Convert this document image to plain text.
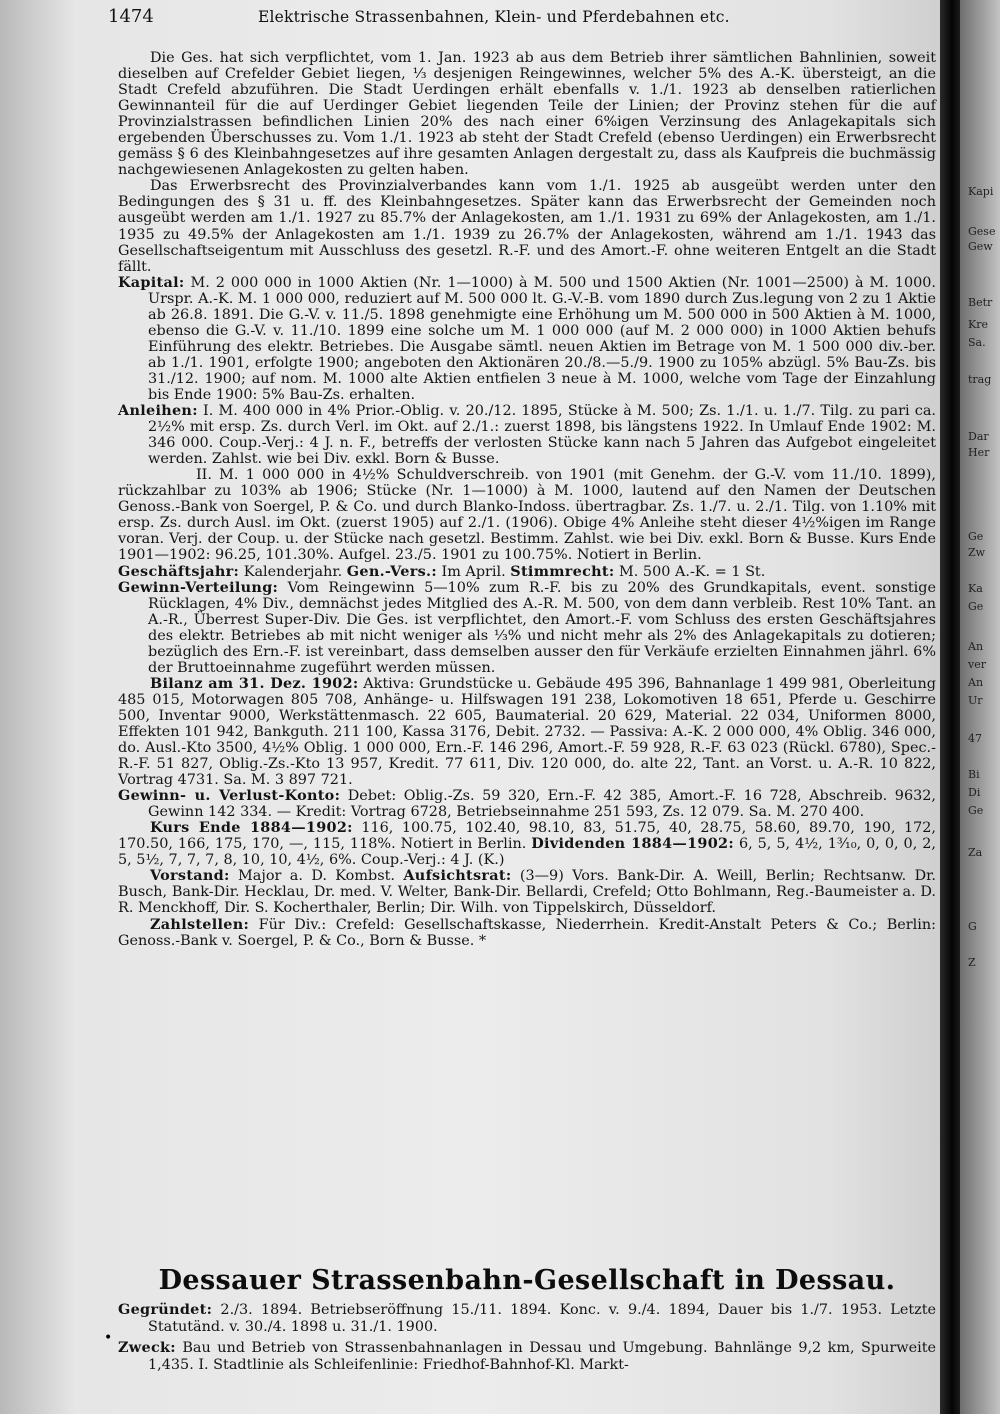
1474	Elektrische Strassenbahnen, Klein- und Pferdebahnen etc.

Die Ges. hat sich verpflichtet, vom 1. Jan. 1923 ab aus dem Betrieb ihrer sämtlichen Bahnlinien, soweit dieselben auf Crefelder Gebiet liegen, ⅓ desjenigen Reingewinnes, welcher 5% des A.-K. übersteigt, an die Stadt Crefeld abzuführen. Die Stadt Uerdingen erhält ebenfalls v. 1./1. 1923 ab denselben ratierlichen Gewinnanteil für die auf Uerdinger Gebiet liegenden Teile der Linien; der Provinz stehen für die auf Provinzialstrassen befindlichen Linien 20% des nach einer 6%igen Verzinsung des Anlagekapitals sich ergebenden Überschusses zu. Vom 1./1. 1923 ab steht der Stadt Crefeld (ebenso Uerdingen) ein Erwerbsrecht gemäss § 6 des Kleinbahngesetzes auf ihre gesamten Anlagen dergestalt zu, dass als Kaufpreis die buchmässig nachgewiesenen Anlagekosten zu gelten haben.

Das Erwerbsrecht des Provinzialverbandes kann vom 1./1. 1925 ab ausgeübt werden unter den Bedingungen des § 31 u. ff. des Kleinbahngesetzes. Später kann das Erwerbsrecht der Gemeinden noch ausgeübt werden am 1./1. 1927 zu 85.7% der Anlagekosten, am 1./1. 1931 zu 69% der Anlagekosten, am 1./1. 1935 zu 49.5% der Anlagekosten am 1./1. 1939 zu 26.7% der Anlagekosten, während am 1./1. 1943 das Gesellschaftseigentum mit Ausschluss des gesetzl. R.-F. und des Amort.-F. ohne weiteren Entgelt an die Stadt fällt.

Kapital: M. 2 000 000 in 1000 Aktien (Nr. 1—1000) à M. 500 und 1500 Aktien (Nr. 1001—2500) à M. 1000. Urspr. A.-K. M. 1 000 000, reduziert auf M. 500 000 lt. G.-V.-B. vom 1890 durch Zus.legung von 2 zu 1 Aktie ab 26.8. 1891. Die G.-V. v. 11./5. 1898 genehmigte eine Erhöhung um M. 500 000 in 500 Aktien à M. 1000, ebenso die G.-V. v. 11./10. 1899 eine solche um M. 1 000 000 (auf M. 2 000 000) in 1000 Aktien behufs Einführung des elektr. Betriebes. Die Ausgabe sämtl. neuen Aktien im Betrage von M. 1 500 000 div.-ber. ab 1./1. 1901, erfolgte 1900; angeboten den Aktionären 20./8.—5./9. 1900 zu 105% abzügl. 5% Bau-Zs. bis 31./12. 1900; auf nom. M. 1000 alte Aktien entfielen 3 neue à M. 1000, welche vom Tage der Einzahlung bis Ende 1900: 5% Bau-Zs. erhalten.

Anleihen: I. M. 400 000 in 4% Prior.-Oblig. v. 20./12. 1895, Stücke à M. 500; Zs. 1./1. u. 1./7. Tilg. zu pari ca. 2½% mit ersp. Zs. durch Verl. im Okt. auf 2./1.: zuerst 1898, bis längstens 1922. In Umlauf Ende 1902: M. 346 000. Coup.-Verj.: 4 J. n. F., betreffs der verlosten Stücke kann nach 5 Jahren das Aufgebot eingeleitet werden. Zahlst. wie bei Div. exkl. Born & Busse.

II. M. 1 000 000 in 4½% Schuldverschreib. von 1901 (mit Genehm. der G.-V. vom 11./10. 1899), rückzahlbar zu 103% ab 1906; Stücke (Nr. 1—1000) à M. 1000, lautend auf den Namen der Deutschen Genoss.-Bank von Soergel, P. & Co. und durch Blanko-Indoss. übertragbar. Zs. 1./7. u. 2./1. Tilg. von 1.10% mit ersp. Zs. durch Ausl. im Okt. (zuerst 1905) auf 2./1. (1906). Obige 4% Anleihe steht dieser 4½%igen im Range voran. Verj. der Coup. u. der Stücke nach gesetzl. Bestimm. Zahlst. wie bei Div. exkl. Born & Busse. Kurs Ende 1901—1902: 96.25, 101.30%. Aufgel. 23./5. 1901 zu 100.75%. Notiert in Berlin.

Geschäftsjahr: Kalenderjahr. Gen.-Vers.: Im April. Stimmrecht: M. 500 A.-K. = 1 St.

Gewinn-Verteilung: Vom Reingewinn 5—10% zum R.-F. bis zu 20% des Grundkapitals, event. sonstige Rücklagen, 4% Div., demnächst jedes Mitglied des A.-R. M. 500, von dem dann verbleib. Rest 10% Tant. an A.-R., Überrest Super-Div. Die Ges. ist verpflichtet, den Amort.-F. vom Schluss des ersten Geschäftsjahres des elektr. Betriebes ab mit nicht weniger als ⅓% und nicht mehr als 2% des Anlagekapitals zu dotieren; bezüglich des Ern.-F. ist vereinbart, dass demselben ausser den für Verkäufe erzielten Einnahmen jährl. 6% der Bruttoeinnahme zugeführt werden müssen.

Bilanz am 31. Dez. 1902: Aktiva: Grundstücke u. Gebäude 495 396, Bahnanlage 1 499 981, Oberleitung 485 015, Motorwagen 805 708, Anhänge- u. Hilfswagen 191 238, Lokomotiven 18 651, Pferde u. Geschirre 500, Inventar 9000, Werkstättenmasch. 22 605, Baumaterial. 20 629, Material. 22 034, Uniformen 8000, Effekten 101 942, Bankguth. 211 100, Kassa 3176, Debit. 2732. — Passiva: A.-K. 2 000 000, 4% Oblig. 346 000, do. Ausl.-Kto 3500, 4½% Oblig. 1 000 000, Ern.-F. 146 296, Amort.-F. 59 928, R.-F. 63 023 (Rückl. 6780), Spec.-R.-F. 51 827, Oblig.-Zs.-Kto 13 957, Kredit. 77 611, Div. 120 000, do. alte 22, Tant. an Vorst. u. A.-R. 10 822, Vortrag 4731. Sa. M. 3 897 721.

Gewinn- u. Verlust-Konto: Debet: Oblig.-Zs. 59 320, Ern.-F. 42 385, Amort.-F. 16 728, Abschreib. 9632, Gewinn 142 334. — Kredit: Vortrag 6728, Betriebseinnahme 251 593, Zs. 12 079. Sa. M. 270 400.

Kurs Ende 1884—1902: 116, 100.75, 102.40, 98.10, 83, 51.75, 40, 28.75, 58.60, 89.70, 190, 172, 170.50, 166, 175, 170, —, 115, 118%. Notiert in Berlin. Dividenden 1884—1902: 6, 5, 5, 4½, 1³⁄₁₀, 0, 0, 0, 2, 5, 5½, 7, 7, 7, 8, 10, 10, 4½, 6%. Coup.-Verj.: 4 J. (K.)

Vorstand: Major a. D. Kombst. Aufsichtsrat: (3—9) Vors. Bank-Dir. A. Weill, Berlin; Rechtsanw. Dr. Busch, Bank-Dir. Hecklau, Dr. med. V. Welter, Bank-Dir. Bellardi, Crefeld; Otto Bohlmann, Reg.-Baumeister a. D. R. Menckhoff, Dir. S. Kocherthaler, Berlin; Dir. Wilh. von Tippelskirch, Düsseldorf.

Zahlstellen: Für Div.: Crefeld: Gesellschaftskasse, Niederrhein. Kredit-Anstalt Peters & Co.; Berlin: Genoss.-Bank v. Soergel, P. & Co., Born & Busse. *

Dessauer Strassenbahn-Gesellschaft in Dessau.
•

Gegründet: 2./3. 1894. Betriebseröffnung 15./11. 1894. Konc. v. 9./4. 1894, Dauer bis 1./7. 1953. Letzte Statutänd. v. 30./4. 1898 u. 31./1. 1900.

Zweck: Bau und Betrieb von Strassenbahnanlagen in Dessau und Umgebung. Bahnlänge 9,2 km, Spurweite 1,435. I. Stadtlinie als Schleifenlinie: Friedhof-Bahnhof-Kl. Markt-

Kapi
Gese
Gew
Betr
Kre
Sa.
trag
Dar
Her
Ge
Zw
Ka
Ge
An
ver
An
Ur
47
Bi
Di
Ge
Za
G
Z
